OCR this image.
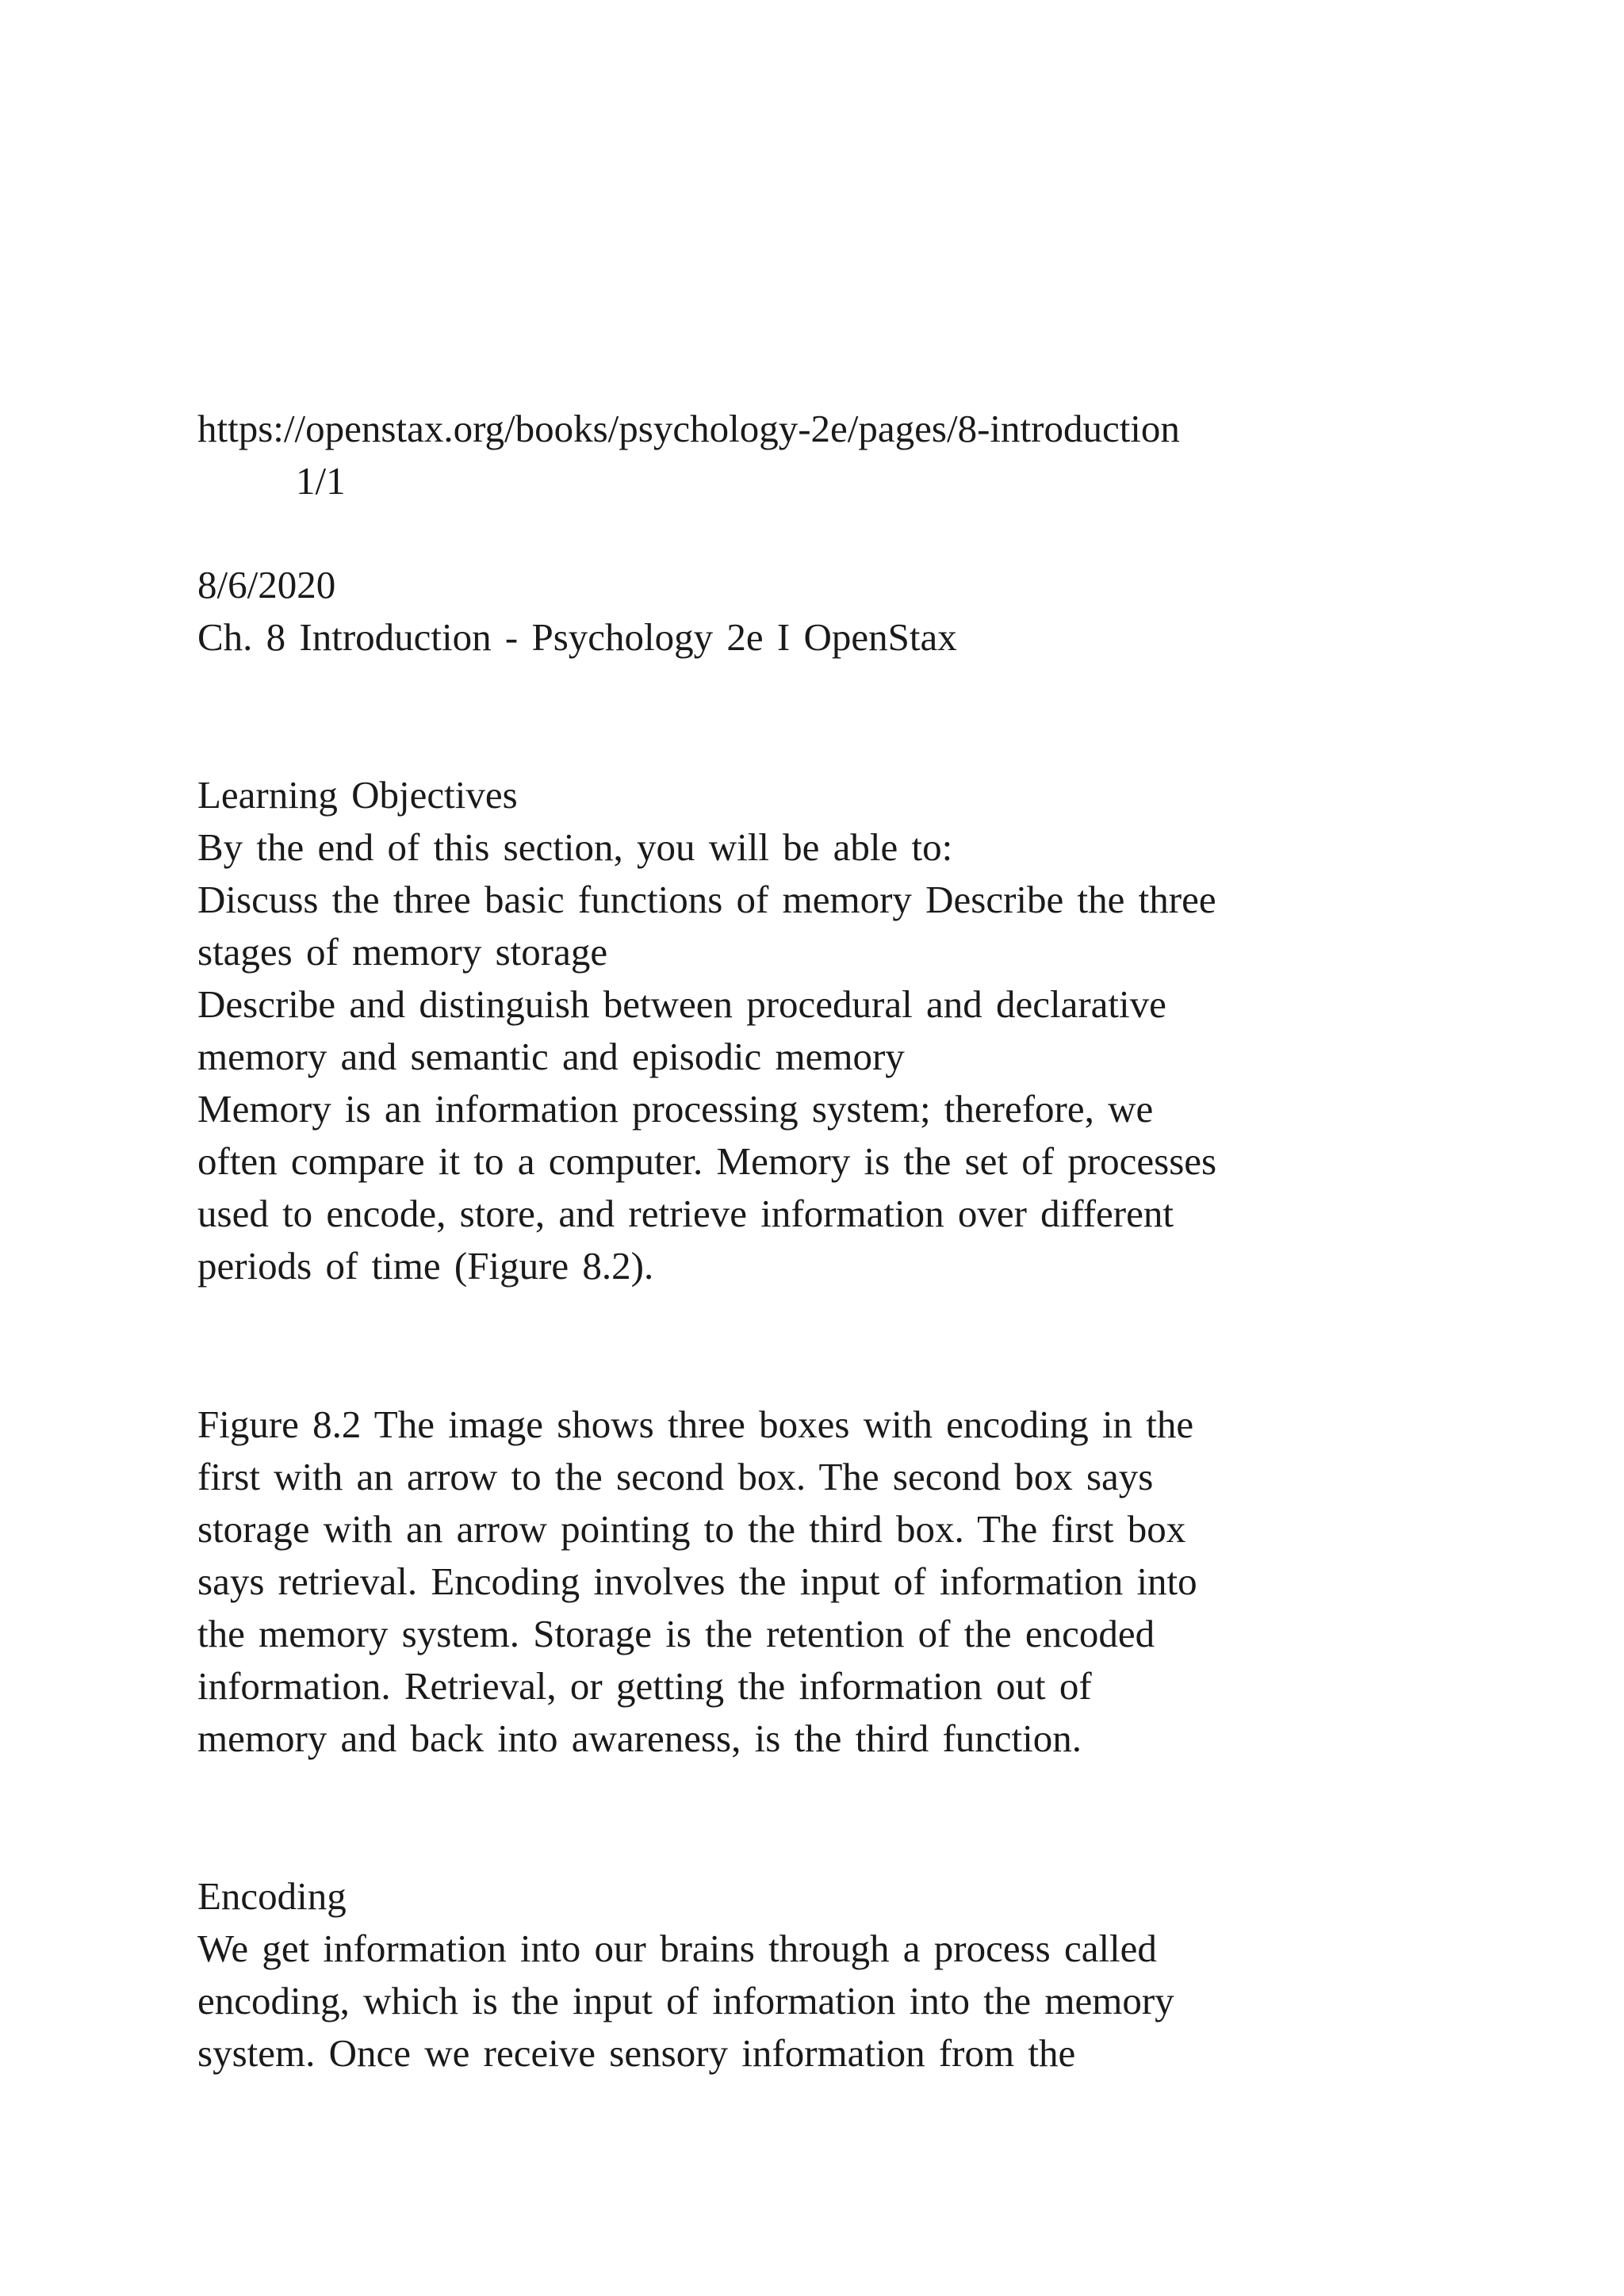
https://openstax.org/books/psychology-2e/pages/8-introduction
1/1
8/6/2020
Ch. 8 Introduction - Psychology 2e I OpenStax
Learning Objectives
By the end of this section, you will be able to:
Discuss the three basic functions of memory Describe the three
stages of memory storage
Describe and distinguish between procedural and declarative
memory and semantic and episodic memory
Memory is an information processing system; therefore, we
often compare it to a computer. Memory is the set of processes
used to encode, store, and retrieve information over different
periods of time (Figure 8.2).
Figure 8.2 The image shows three boxes with encoding in the
first with an arrow to the second box. The second box says
storage with an arrow pointing to the third box. The first box
says retrieval. Encoding involves the input of information into
the memory system. Storage is the retention of the encoded
information. Retrieval, or getting the information out of
memory and back into awareness, is the third function.
Encoding
We get information into our brains through a process called
encoding, which is the input of information into the memory
system. Once we receive sensory information from the
